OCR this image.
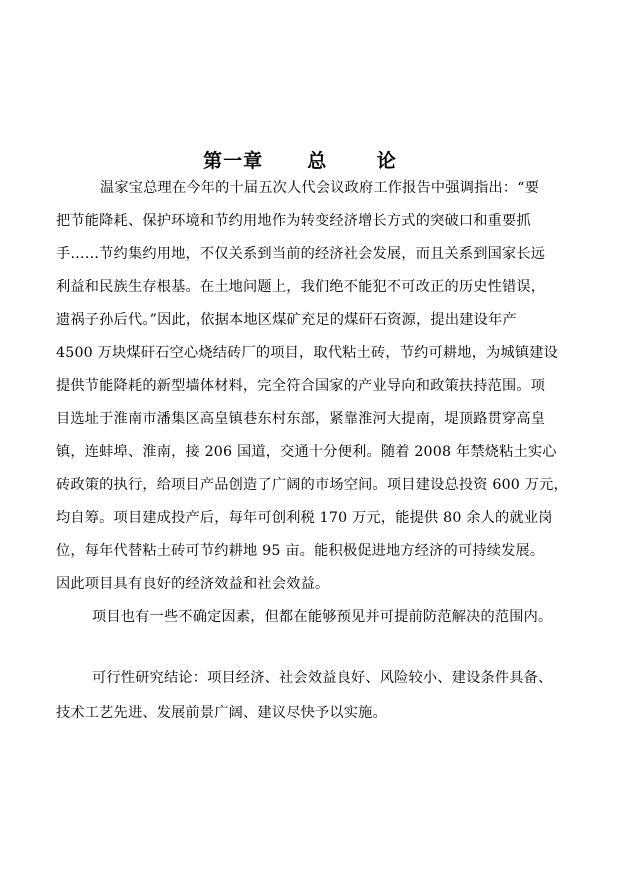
第一章 总 论
温家宝总理在今年的十届五次人代会议政府工作报告中强调指出：“要
把节能降耗、保护环境和节约用地作为转变经济增长方式的突破口和重要抓
手……节约集约用地，不仅关系到当前的经济社会发展，而且关系到国家长远
利益和民族生存根基。在土地问题上，我们绝不能犯不可改正的历史性错误，
遗祸子孙后代。”因此，依据本地区煤矿充足的煤矸石资源，提出建设年产
4500 万块煤矸石空心烧结砖厂的项目，取代粘土砖，节约可耕地，为城镇建设
提供节能降耗的新型墙体材料，完全符合国家的产业导向和政策扶持范围。项
目选址于淮南市潘集区高皇镇巷东村东部，紧靠淮河大提南，堤顶路贯穿高皇
镇，连蚌埠、淮南，接 206 国道，交通十分便利。随着 2008 年禁烧粘土实心
砖政策的执行，给项目产品创造了广阔的市场空间。项目建设总投资 600 万元，
均自筹。项目建成投产后，每年可创利税 170 万元，能提供 80 余人的就业岗
位，每年代替粘土砖可节约耕地 95 亩。能积极促进地方经济的可持续发展。
因此项目具有良好的经济效益和社会效益。
项目也有一些不确定因素，但都在能够预见并可提前防范解决的范围内。
可行性研究结论：项目经济、社会效益良好、风险较小、建设条件具备、
技术工艺先进、发展前景广阔、建议尽快予以实施。
